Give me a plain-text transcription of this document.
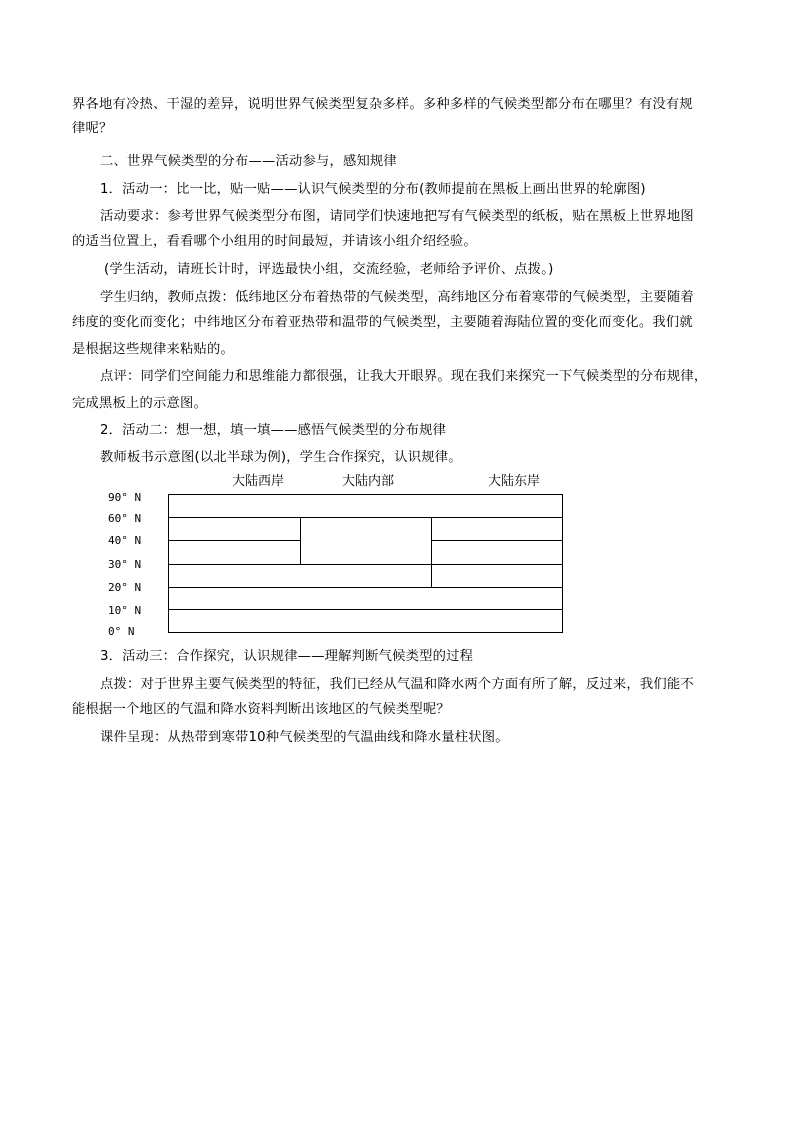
界各地有冷热、干湿的差异，说明世界气候类型复杂多样。多种多样的气候类型都分布在哪里？有没有规
律呢？
二、世界气候类型的分布——活动参与，感知规律
1．活动一：比一比，贴一贴——认识气候类型的分布(教师提前在黑板上画出世界的轮廓图)
活动要求：参考世界气候类型分布图，请同学们快速地把写有气候类型的纸板，贴在黑板上世界地图
的适当位置上，看看哪个小组用的时间最短，并请该小组介绍经验。
(学生活动，请班长计时，评选最快小组，交流经验，老师给予评价、点拨。)
学生归纳，教师点拨：低纬地区分布着热带的气候类型，高纬地区分布着寒带的气候类型，主要随着
纬度的变化而变化；中纬地区分布着亚热带和温带的气候类型，主要随着海陆位置的变化而变化。我们就
是根据这些规律来粘贴的。
点评：同学们空间能力和思维能力都很强，让我大开眼界。现在我们来探究一下气候类型的分布规律，
完成黑板上的示意图。
2．活动二：想一想，填一填——感悟气候类型的分布规律
教师板书示意图(以北半球为例)，学生合作探究，认识规律。
大陆西岸	大陆内部	大陆东岸
90° N
60° N
40° N
30° N
20° N
10° N
0° N
3．活动三：合作探究，认识规律——理解判断气候类型的过程
点拨：对于世界主要气候类型的特征，我们已经从气温和降水两个方面有所了解，反过来，我们能不
能根据一个地区的气温和降水资料判断出该地区的气候类型呢？
课件呈现：从热带到寒带10种气候类型的气温曲线和降水量柱状图。
